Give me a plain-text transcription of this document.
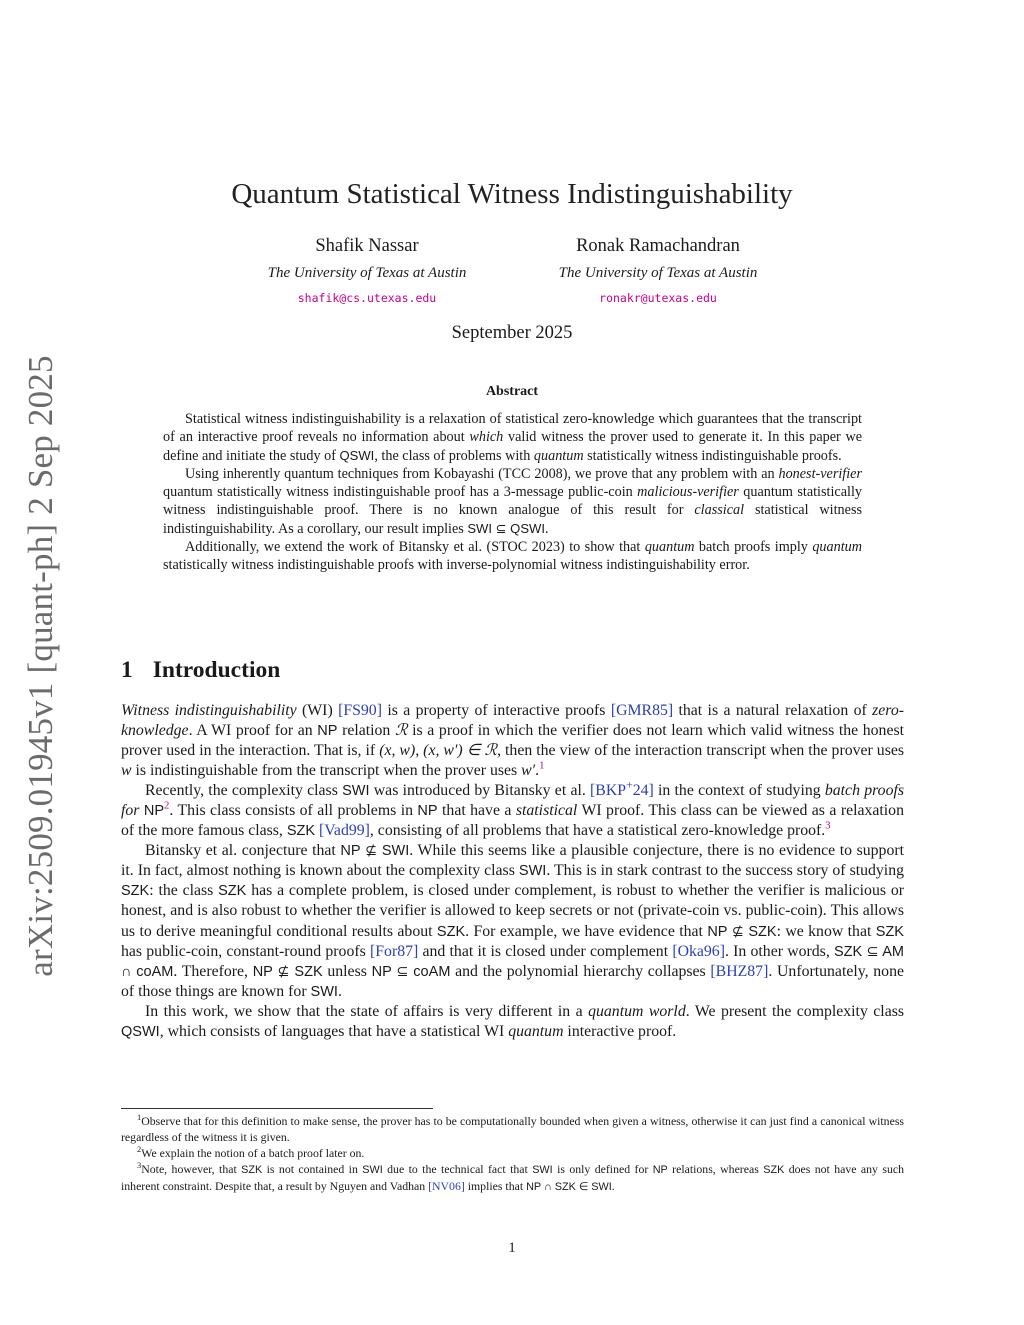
arXiv:2509.01945v1 [quant-ph] 2 Sep 2025
Quantum Statistical Witness Indistinguishability
Shafik Nassar
The University of Texas at Austin
shafik@cs.utexas.edu
Ronak Ramachandran
The University of Texas at Austin
ronakr@utexas.edu
September 2025
Abstract

Statistical witness indistinguishability is a relaxation of statistical zero-knowledge which guarantees that the transcript of an interactive proof reveals no information about which valid witness the prover used to generate it. In this paper we define and initiate the study of QSWI, the class of problems with quantum statistically witness indistinguishable proofs.

Using inherently quantum techniques from Kobayashi (TCC 2008), we prove that any problem with an honest-verifier quantum statistically witness indistinguishable proof has a 3-message public-coin malicious-verifier quantum statistically witness indistinguishable proof. There is no known analogue of this result for classical statistical witness indistinguishability. As a corollary, our result implies SWI ⊆ QSWI.

Additionally, we extend the work of Bitansky et al. (STOC 2023) to show that quantum batch proofs imply quantum statistically witness indistinguishable proofs with inverse-polynomial witness indistinguishability error.

1 Introduction

Witness indistinguishability (WI) [FS90] is a property of interactive proofs [GMR85] that is a natural relaxation of zero-knowledge. A WI proof for an NP relation ℛ is a proof in which the verifier does not learn which valid witness the honest prover used in the interaction. That is, if (x, w), (x, w′) ∈ ℛ, then the view of the interaction transcript when the prover uses w is indistinguishable from the transcript when the prover uses w′.$^1$

Recently, the complexity class SWI was introduced by Bitansky et al. [BKP+24] in the context of studying batch proofs for $NP^2$. This class consists of all problems in NP that have a statistical WI proof. This class can be viewed as a relaxation of the more famous class, SZK [Vad99], consisting of all problems that have a statistical zero-knowledge proof.$^3$

Bitansky et al. conjecture that NP ⊈ SWI. While this seems like a plausible conjecture, there is no evidence to support it. In fact, almost nothing is known about the complexity class SWI. This is in stark contrast to the success story of studying SZK: the class SZK has a complete problem, is closed under complement, is robust to whether the verifier is malicious or honest, and is also robust to whether the verifier is allowed to keep secrets or not (private-coin vs. public-coin). This allows us to derive meaningful conditional results about SZK. For example, we have evidence that NP ⊈ SZK: we know that SZK has public-coin, constant-round proofs [For87] and that it is closed under complement [Oka96]. In other words, SZK ⊆ AM ∩ coAM. Therefore, NP ⊈ SZK unless NP ⊆ coAM and the polynomial hierarchy collapses [BHZ87]. Unfortunately, none of those things are known for SWI.

In this work, we show that the state of affairs is very different in a quantum world. We present the complexity class QSWI, which consists of languages that have a statistical WI quantum interactive proof.

$^1$Observe that for this definition to make sense, the prover has to be computationally bounded when given a witness, otherwise it can just find a canonical witness regardless of the witness it is given.

$^2$We explain the notion of a batch proof later on.

$^3$Note, however, that SZK is not contained in SWI due to the technical fact that SWI is only defined for NP relations, whereas SZK does not have any such inherent constraint. Despite that, a result by Nguyen and Vadhan [NV06] implies that NP ∩ SZK ∈ SWI.

1
